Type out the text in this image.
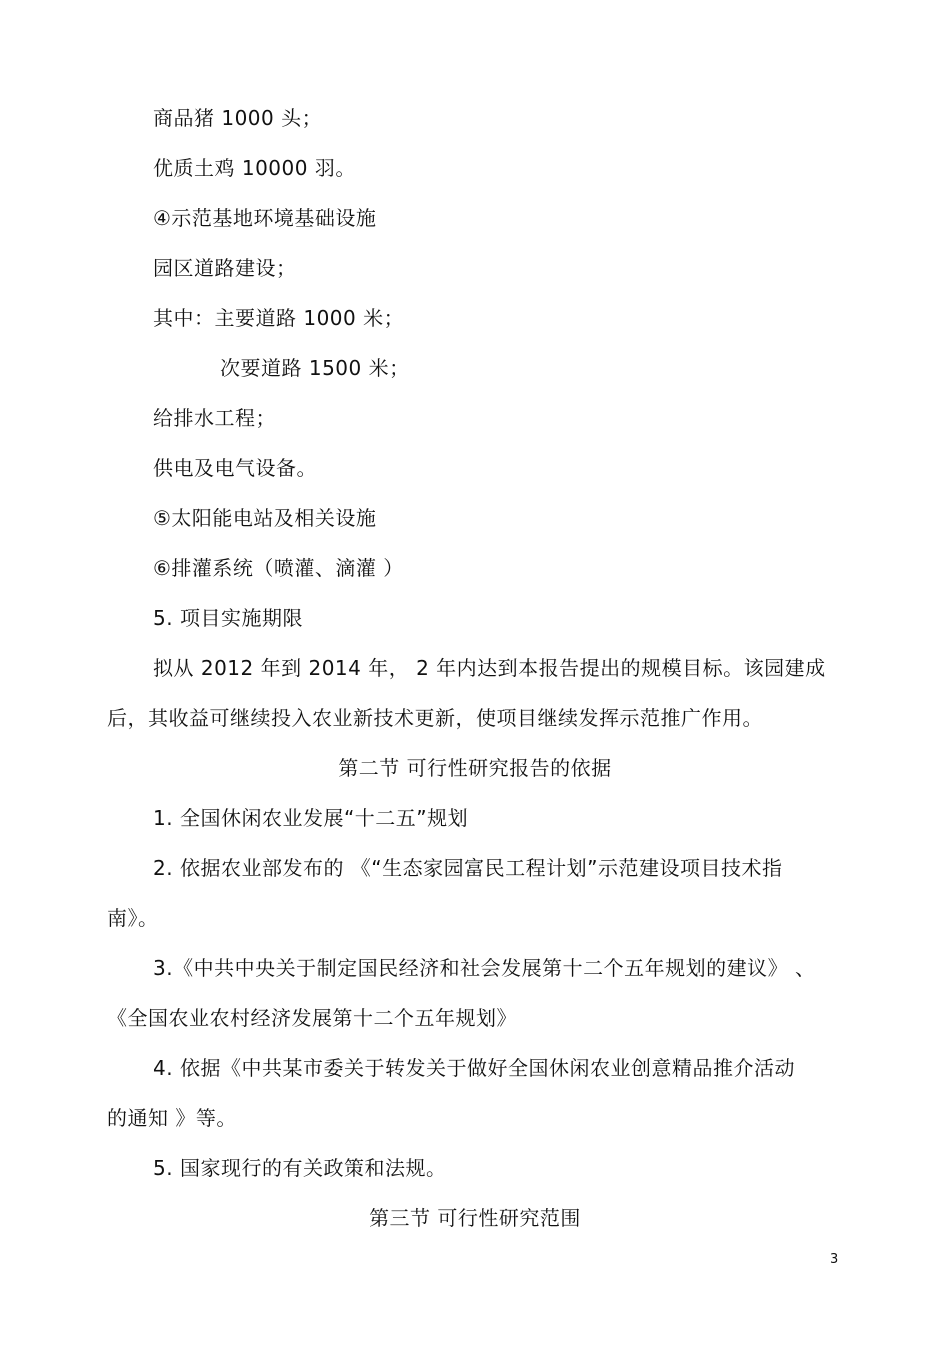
商品猪 1000 头；

优质土鸡 10000 羽。

④示范基地环境基础设施

园区道路建设；

其中：主要道路 1000 米；

次要道路 1500 米；

给排水工程；

供电及电气设备。

⑤太阳能电站及相关设施

⑥排灌系统（喷灌、滴灌 ）

5. 项目实施期限

拟从 2012 年到 2014 年， 2 年内达到本报告提出的规模目标。该园建成

后，其收益可继续投入农业新技术更新，使项目继续发挥示范推广作用。

第二节 可行性研究报告的依据

1. 全国休闲农业发展“十二五”规划

2. 依据农业部发布的 《“生态家园富民工程计划”示范建设项目技术指

南》。

3.《中共中央关于制定国民经济和社会发展第十二个五年规划的建议》 、

《全国农业农村经济发展第十二个五年规划》

4. 依据《中共某市委关于转发关于做好全国休闲农业创意精品推介活动

的通知 》等。

5. 国家现行的有关政策和法规。

第三节 可行性研究范围

3
